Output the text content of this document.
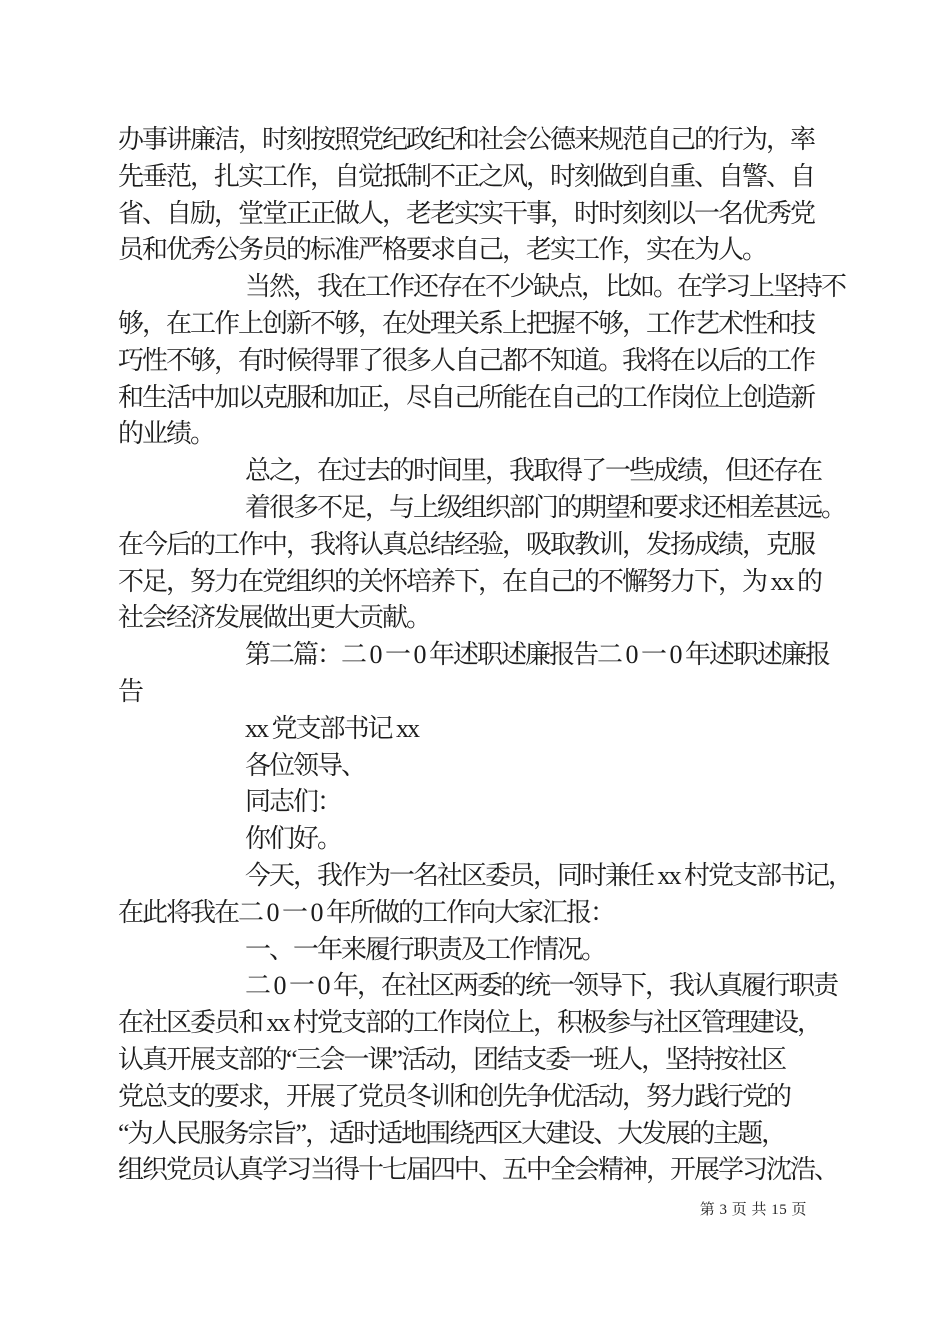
办事讲廉洁，时刻按照党纪政纪和社会公德来规范自己的行为，率
先垂范，扎实工作，自觉抵制不正之风，时刻做到自重、自警、自
省、自励，堂堂正正做人，老老实实干事，时时刻刻以一名优秀党
员和优秀公务员的标准严格要求自己，老实工作，实在为人。
当然，我在工作还存在不少缺点，比如。在学习上坚持不
够，在工作上创新不够，在处理关系上把握不够，工作艺术性和技
巧性不够，有时候得罪了很多人自己都不知道。我将在以后的工作
和生活中加以克服和加正，尽自己所能在自己的工作岗位上创造新
的业绩。
总之，在过去的时间里，我取得了一些成绩，但还存在
着很多不足，与上级组织部门的期望和要求还相差甚远。
在今后的工作中，我将认真总结经验，吸取教训，发扬成绩，克服
不足，努力在党组织的关怀培养下，在自己的不懈努力下，为 xx 的
社会经济发展做出更大贡献。
第二篇：二 0 一 0 年述职述廉报告二 0 一 0 年述职述廉报
告
xx 党支部书记 xx
各位领导、
同志们：
你们好。
今天，我作为一名社区委员，同时兼任 xx 村党支部书记，
在此将我在二 0 一 0 年所做的工作向大家汇报：
一、一年来履行职责及工作情况。
二 0 一 0 年，在社区两委的统一领导下，我认真履行职责
在社区委员和 xx 村党支部的工作岗位上，积极参与社区管理建设，
认真开展支部的“三会一课”活动，团结支委一班人，坚持按社区
党总支的要求，开展了党员冬训和创先争优活动，努力践行党的
“为人民服务宗旨”，适时适地围绕西区大建设、大发展的主题，
组织党员认真学习当得十七届四中、五中全会精神，开展学习沈浩、
第 3 页 共 15 页
